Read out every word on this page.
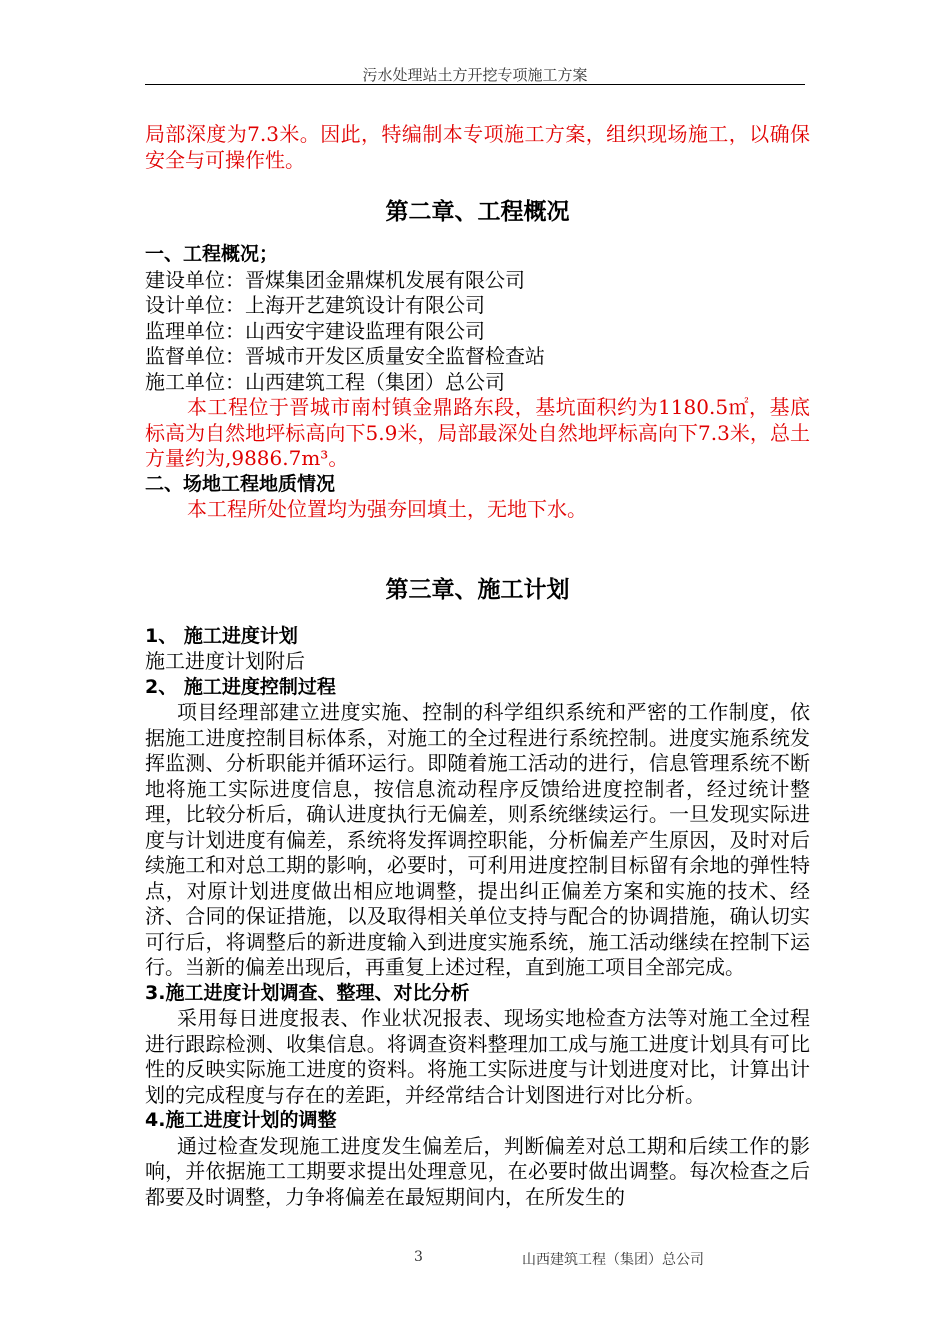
污水处理站土方开挖专项施工方案

局部深度为7.3米。因此，特编制本专项施工方案，组织现场施工，以确保安全与可操作性。

第二章、工程概况

一、工程概况；

建设单位：晋煤集团金鼎煤机发展有限公司

设计单位：上海开艺建筑设计有限公司

监理单位：山西安宇建设监理有限公司

监督单位：晋城市开发区质量安全监督检查站

施工单位：山西建筑工程（集团）总公司

本工程位于晋城市南村镇金鼎路东段，基坑面积约为1180.5㎡，基底标高为自然地坪标高向下5.9米，局部最深处自然地坪标高向下7.3米，总土方量约为,9886.7m³。

二、场地工程地质情况

本工程所处位置均为强夯回填土，无地下水。

第三章、施工计划

1、 施工进度计划

施工进度计划附后

2、 施工进度控制过程

项目经理部建立进度实施、控制的科学组织系统和严密的工作制度，依据施工进度控制目标体系，对施工的全过程进行系统控制。进度实施系统发挥监测、分析职能并循环运行。即随着施工活动的进行，信息管理系统不断地将施工实际进度信息，按信息流动程序反馈给进度控制者，经过统计整理，比较分析后，确认进度执行无偏差，则系统继续运行。一旦发现实际进度与计划进度有偏差，系统将发挥调控职能，分析偏差产生原因，及时对后续施工和对总工期的影响，必要时，可利用进度控制目标留有余地的弹性特点，对原计划进度做出相应地调整，提出纠正偏差方案和实施的技术、经济、合同的保证措施，以及取得相关单位支持与配合的协调措施，确认切实可行后，将调整后的新进度输入到进度实施系统，施工活动继续在控制下运行。当新的偏差出现后，再重复上述过程，直到施工项目全部完成。

3.施工进度计划调查、整理、对比分析

采用每日进度报表、作业状况报表、现场实地检查方法等对施工全过程进行跟踪检测、收集信息。将调查资料整理加工成与施工进度计划具有可比性的反映实际施工进度的资料。将施工实际进度与计划进度对比，计算出计划的完成程度与存在的差距，并经常结合计划图进行对比分析。

4.施工进度计划的调整

通过检查发现施工进度发生偏差后，判断偏差对总工期和后续工作的影响，并依据施工工期要求提出处理意见，在必要时做出调整。每次检查之后都要及时调整，力争将偏差在最短期间内，在所发生的

3	山西建筑工程（集团）总公司
